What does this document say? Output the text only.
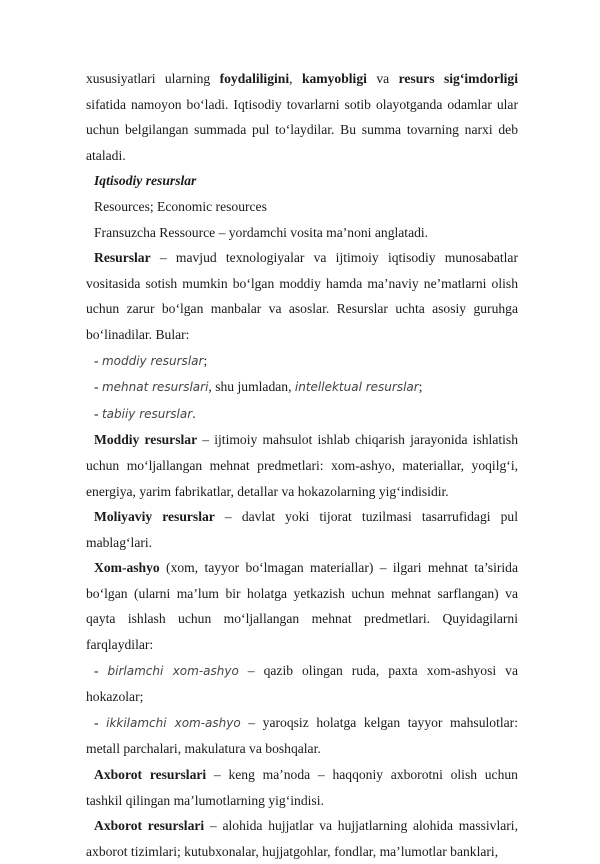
xususiyatlari ularning foydaliligini, kamyobligi va resurs sig‘imdorligi sifatida namoyon bo‘ladi. Iqtisodiy tovarlarni sotib olayotganda odamlar ular uchun belgilangan summada pul to‘laydilar. Bu summa tovarning narxi deb ataladi.

Iqtisodiy resurslar

Resources; Economic resources

Fransuzcha Ressource – yordamchi vosita ma’noni anglatadi.

Resurslar – mavjud texnologiyalar va ijtimoiy iqtisodiy munosabatlar vositasida sotish mumkin bo‘lgan moddiy hamda ma’naviy ne’matlarni olish uchun zarur bo‘lgan manbalar va asoslar. Resurslar uchta asosiy guruhga bo‘linadilar. Bular:

- moddiy resurslar;

- mehnat resurslari, shu jumladan, intellektual resurslar;

- tabiiy resurslar.

Moddiy resurslar – ijtimoiy mahsulot ishlab chiqarish jarayonida ishlatish uchun mo‘ljallangan mehnat predmetlari: xom-ashyo, materiallar, yoqilg‘i, energiya, yarim fabrikatlar, detallar va hokazolarning yig‘indisidir.

Moliyaviy resurslar – davlat yoki tijorat tuzilmasi tasarrufidagi pul mablag‘lari.

Xom-ashyo (xom, tayyor bo‘lmagan materiallar) – ilgari mehnat ta’sirida bo‘lgan (ularni ma’lum bir holatga yetkazish uchun mehnat sarflangan) va qayta ishlash uchun mo‘ljallangan mehnat predmetlari. Quyidagilarni farqlaydilar:

- birlamchi xom-ashyo – qazib olingan ruda, paxta xom-ashyosi va hokazolar;

- ikkilamchi xom-ashyo – yaroqsiz holatga kelgan tayyor mahsulotlar: metall parchalari, makulatura va boshqalar.

Axborot resurslari – keng ma’noda – haqqoniy axborotni olish uchun tashkil qilingan ma’lumotlarning yig‘indisi.

Axborot resurslari – alohida hujjatlar va hujjatlarning alohida massivlari, axborot tizimlari; kutubxonalar, hujjatgohlar, fondlar, ma’lumotlar banklari,
